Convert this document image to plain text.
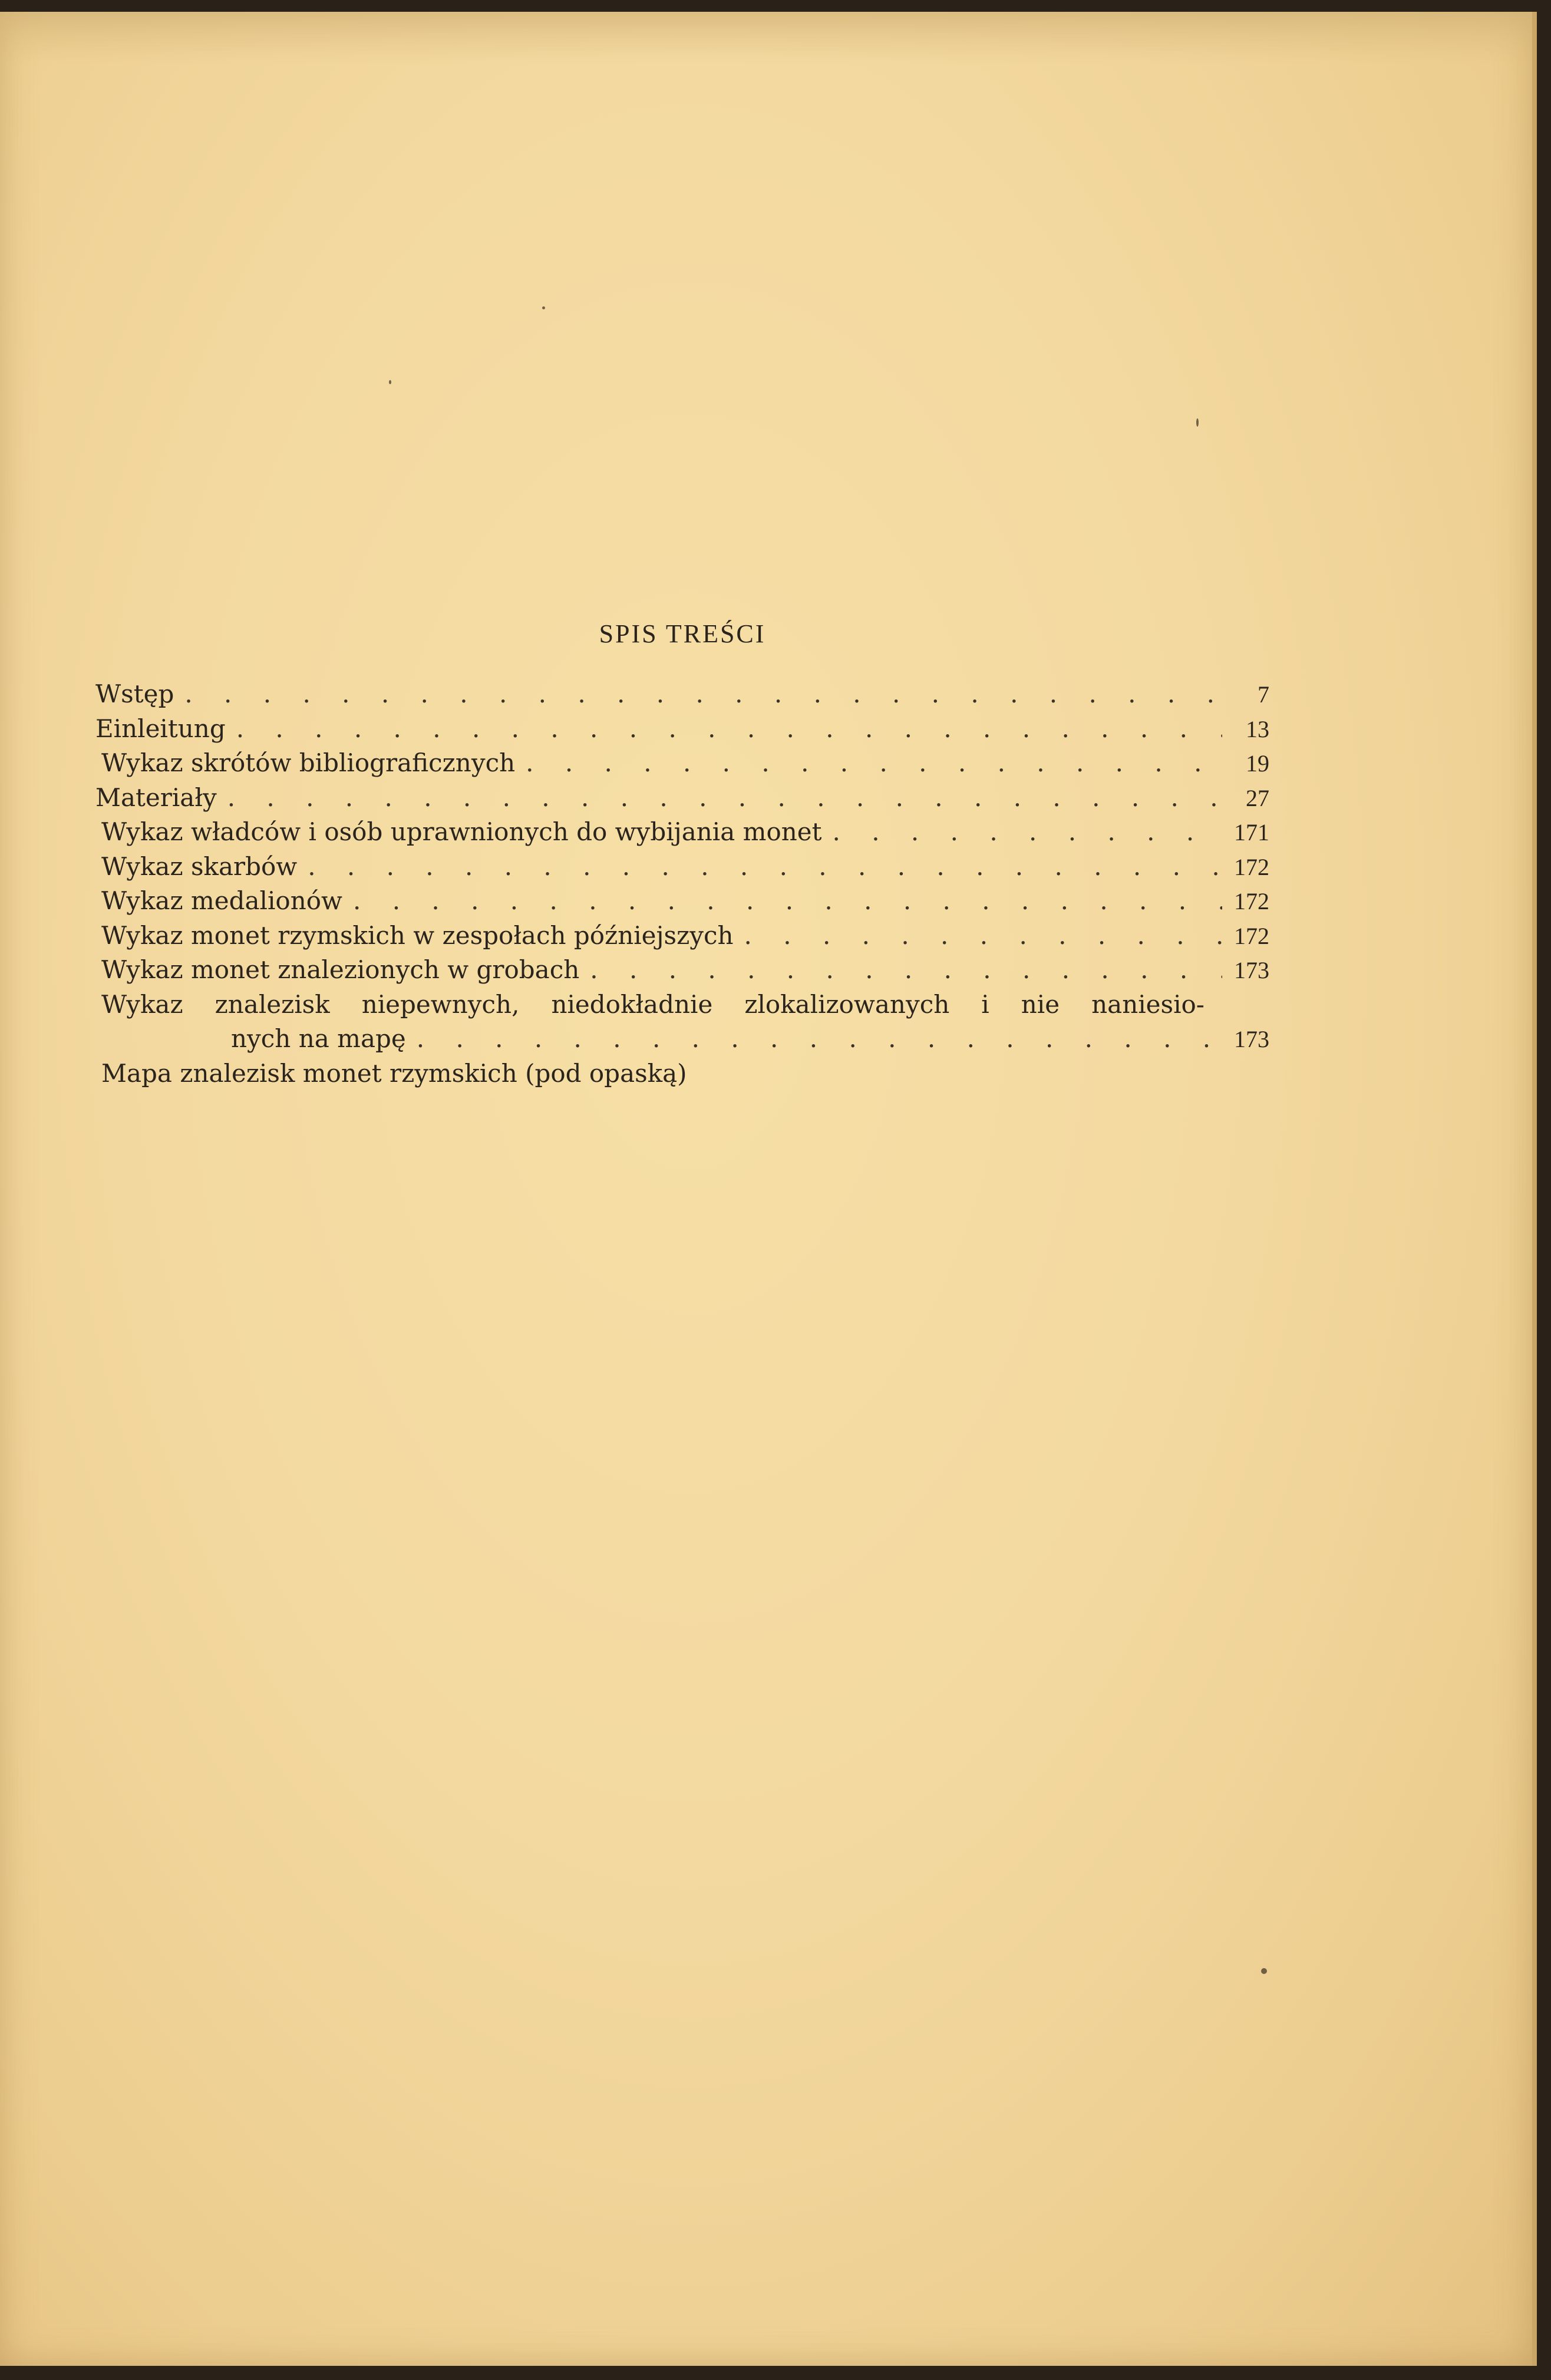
SPIS TREŚCI
Wstęp . . .	7
Einleitung . . .	13
Wykaz skrótów bibliograficznych . . .	19
Materiały . . .	27
Wykaz władców i osób uprawnionych do wybijania monet . . .	171
Wykaz skarbów . . .	172
Wykaz medalionów . . .	172
Wykaz monet rzymskich w zespołach późniejszych . . .	172
Wykaz monet znalezionych w grobach . . .	173
Wykaz znalezisk niepewnych, niedokładnie zlokalizowanych i nie naniesio-
nych na mapę . . .	173
Mapa znalezisk monet rzymskich (pod opaską)
